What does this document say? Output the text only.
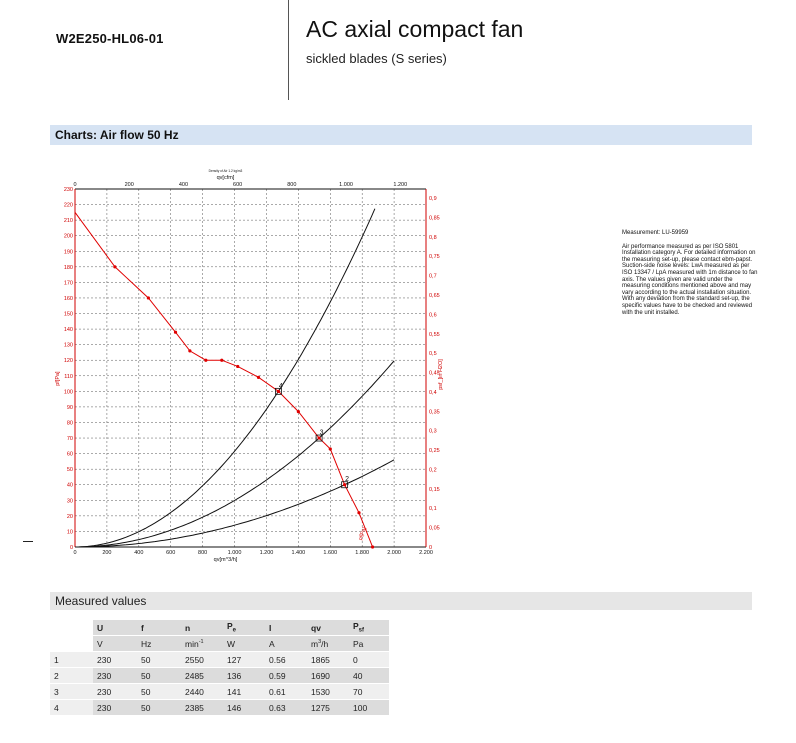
W2E250-HL06-01	AC axial compact fan
sickled blades (S series)
Charts: Air flow 50 Hz
0
10
20
30
40
50
60
70
80
90
100
110
120
130
140
150
160
170
180
190
200
210
220
230
0
0,05
0,1
0,15
0,2
0,25
0,3
0,35
0,4
0,45
0,5
0,55
0,6
0,65
0,7
0,75
0,8
0,85
0,9
0	200	400	600	800	1.000	1.200	1.400	1.600	1.800	2.000	2.200
0	200	400	600	800	1.000	1.200
qv[m^3/h]
qv[cfm]
Density of Air 1.2 kg/m3
pf[Pa]	psf_[in H2O]
pf[Pa]
2
3
4

Measurement: LU-59959

Air performance measured as per ISO 5801 Installation category A. For detailed information on the measuring set-up, please contact ebm-papst. Suction-side noise levels: LwA measured as per ISO 13347 / LpA measured with 1m distance to fan axis. The values given are valid under the measuring conditions mentioned above and may vary according to the actual installation situation. With any deviation from the standard set-up, the specific values have to be checked and reviewed with the unit installed.

Measured values
	U	f	n	$P_e$	I	qv	$P_{sf}$
	V	Hz	$\min^{-1}$	W	A	$m^3/h$	Pa
1	230	50	2550	127	0.56	1865	0
2	230	50	2485	136	0.59	1690	40
3	230	50	2440	141	0.61	1530	70
4	230	50	2385	146	0.63	1275	100
